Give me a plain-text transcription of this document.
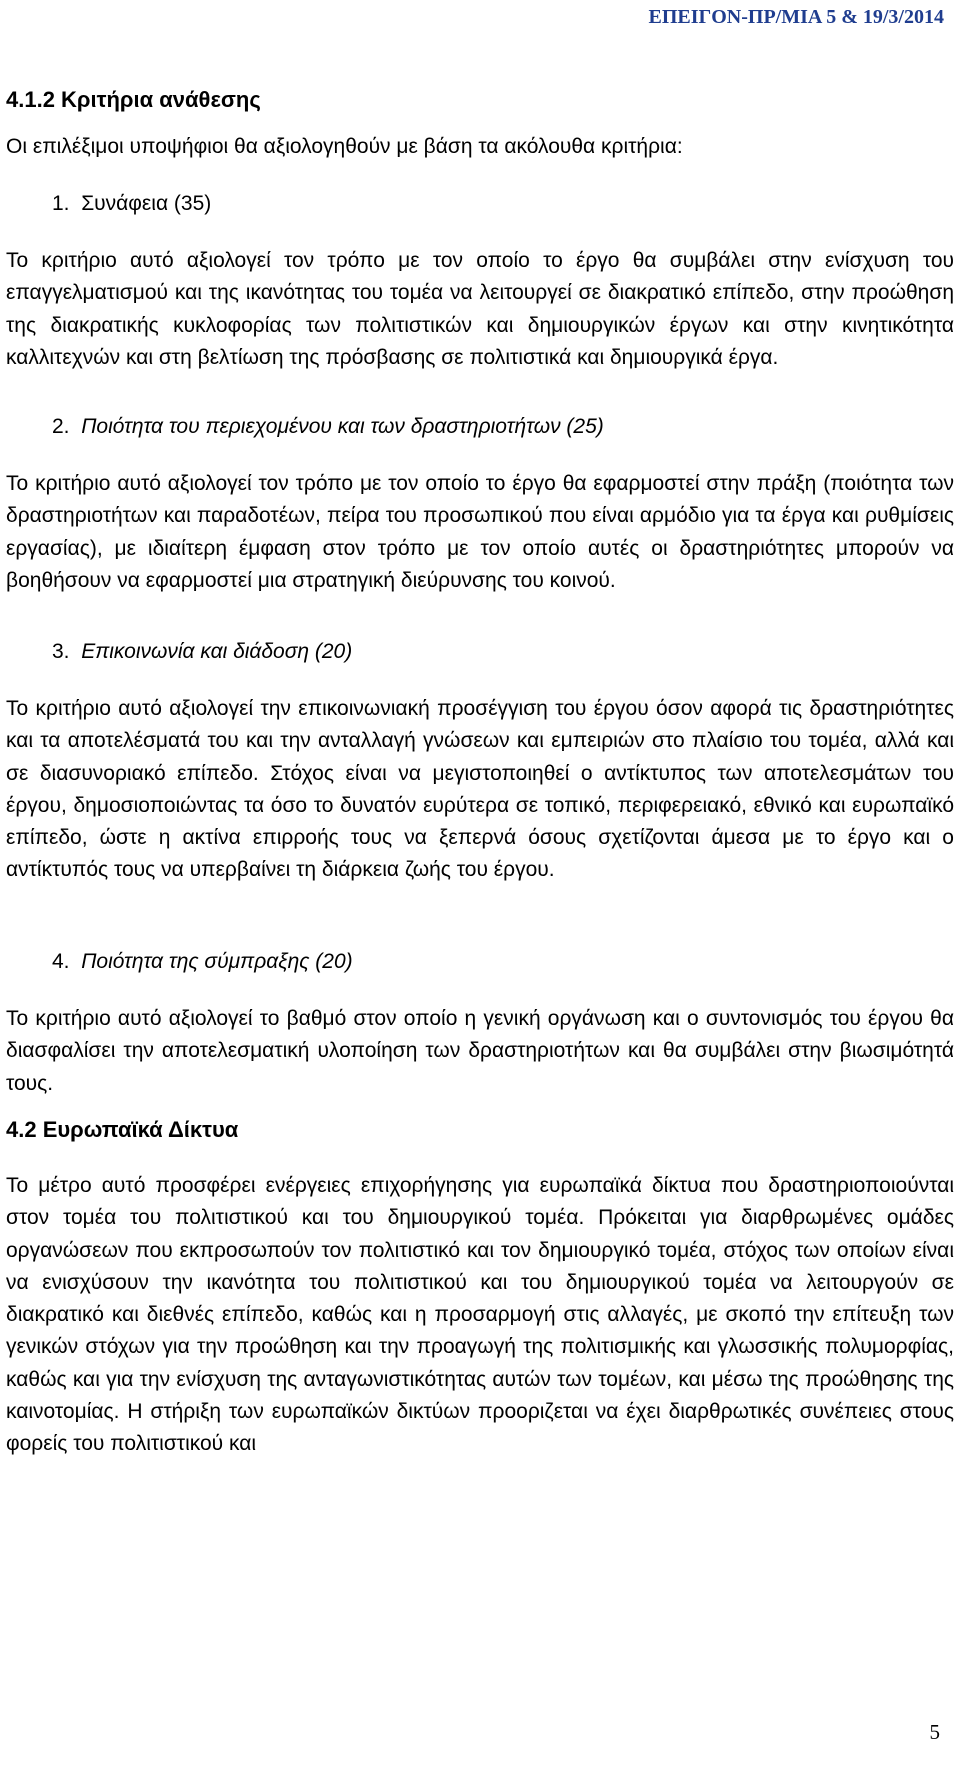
ΕΠΕΙΓΟΝ-ΠΡ/ΜΙΑ 5 & 19/3/2014
4.1.2 Κριτήρια ανάθεσης
Οι επιλέξιμοι υποψήφιοι θα αξιολογηθούν με βάση τα ακόλουθα κριτήρια:
1. Συνάφεια (35)
Το κριτήριο αυτό αξιολογεί τον τρόπο με τον οποίο το έργο θα συμβάλει στην ενίσχυση του επαγγελματισμού και της ικανότητας του τομέα να λειτουργεί σε διακρατικό επίπεδο, στην προώθηση της διακρατικής κυκλοφορίας των πολιτιστικών και δημιουργικών έργων και στην κινητικότητα καλλιτεχνών και στη βελτίωση της πρόσβασης σε πολιτιστικά και δημιουργικά έργα.
2. Ποιότητα του περιεχομένου και των δραστηριοτήτων (25)
Το κριτήριο αυτό αξιολογεί τον τρόπο με τον οποίο το έργο θα εφαρμοστεί στην πράξη (ποιότητα των δραστηριοτήτων και παραδοτέων, πείρα του προσωπικού που είναι αρμόδιο για τα έργα και ρυθμίσεις εργασίας), με ιδιαίτερη έμφαση στον τρόπο με τον οποίο αυτές οι δραστηριότητες μπορούν να βοηθήσουν να εφαρμοστεί μια στρατηγική διεύρυνσης του κοινού.
3. Επικοινωνία και διάδοση (20)
Το κριτήριο αυτό αξιολογεί την επικοινωνιακή προσέγγιση του έργου όσον αφορά τις δραστηριότητες και τα αποτελέσματά του και την ανταλλαγή γνώσεων και εμπειριών στο πλαίσιο του τομέα, αλλά και σε διασυνοριακό επίπεδο. Στόχος είναι να μεγιστοποιηθεί ο αντίκτυπος των αποτελεσμάτων του έργου, δημοσιοποιώντας τα όσο το δυνατόν ευρύτερα σε τοπικό, περιφερειακό, εθνικό και ευρωπαϊκό επίπεδο, ώστε η ακτίνα επιρροής τους να ξεπερνά όσους σχετίζονται άμεσα με το έργο και ο αντίκτυπός τους να υπερβαίνει τη διάρκεια ζωής του έργου.
4. Ποιότητα της σύμπραξης (20)
Το κριτήριο αυτό αξιολογεί το βαθμό στον οποίο η γενική οργάνωση και ο συντονισμός του έργου θα διασφαλίσει την αποτελεσματική υλοποίηση των δραστηριοτήτων και θα συμβάλει στην βιωσιμότητά τους.
4.2 Ευρωπαϊκά Δίκτυα
Το μέτρο αυτό προσφέρει ενέργειες επιχορήγησης για ευρωπαϊκά δίκτυα που δραστηριοποιούνται στον τομέα του πολιτιστικού και του δημιουργικού τομέα. Πρόκειται για διαρθρωμένες ομάδες οργανώσεων που εκπροσωπούν τον πολιτιστικό και τον δημιουργικό τομέα, στόχος των οποίων είναι να ενισχύσουν την ικανότητα του πολιτιστικού και του δημιουργικού τομέα να λειτουργούν σε διακρατικό και διεθνές επίπεδο, καθώς και η προσαρμογή στις αλλαγές, με σκοπό την επίτευξη των γενικών στόχων για την προώθηση και την προαγωγή της πολιτισμικής και γλωσσικής πολυμορφίας, καθώς και για την ενίσχυση της ανταγωνιστικότητας αυτών των τομέων, και μέσω της προώθησης της καινοτομίας. Η στήριξη των ευρωπαϊκών δικτύων προοριζεται να έχει διαρθρωτικές συνέπειες στους φορείς του πολιτιστικού και
5
